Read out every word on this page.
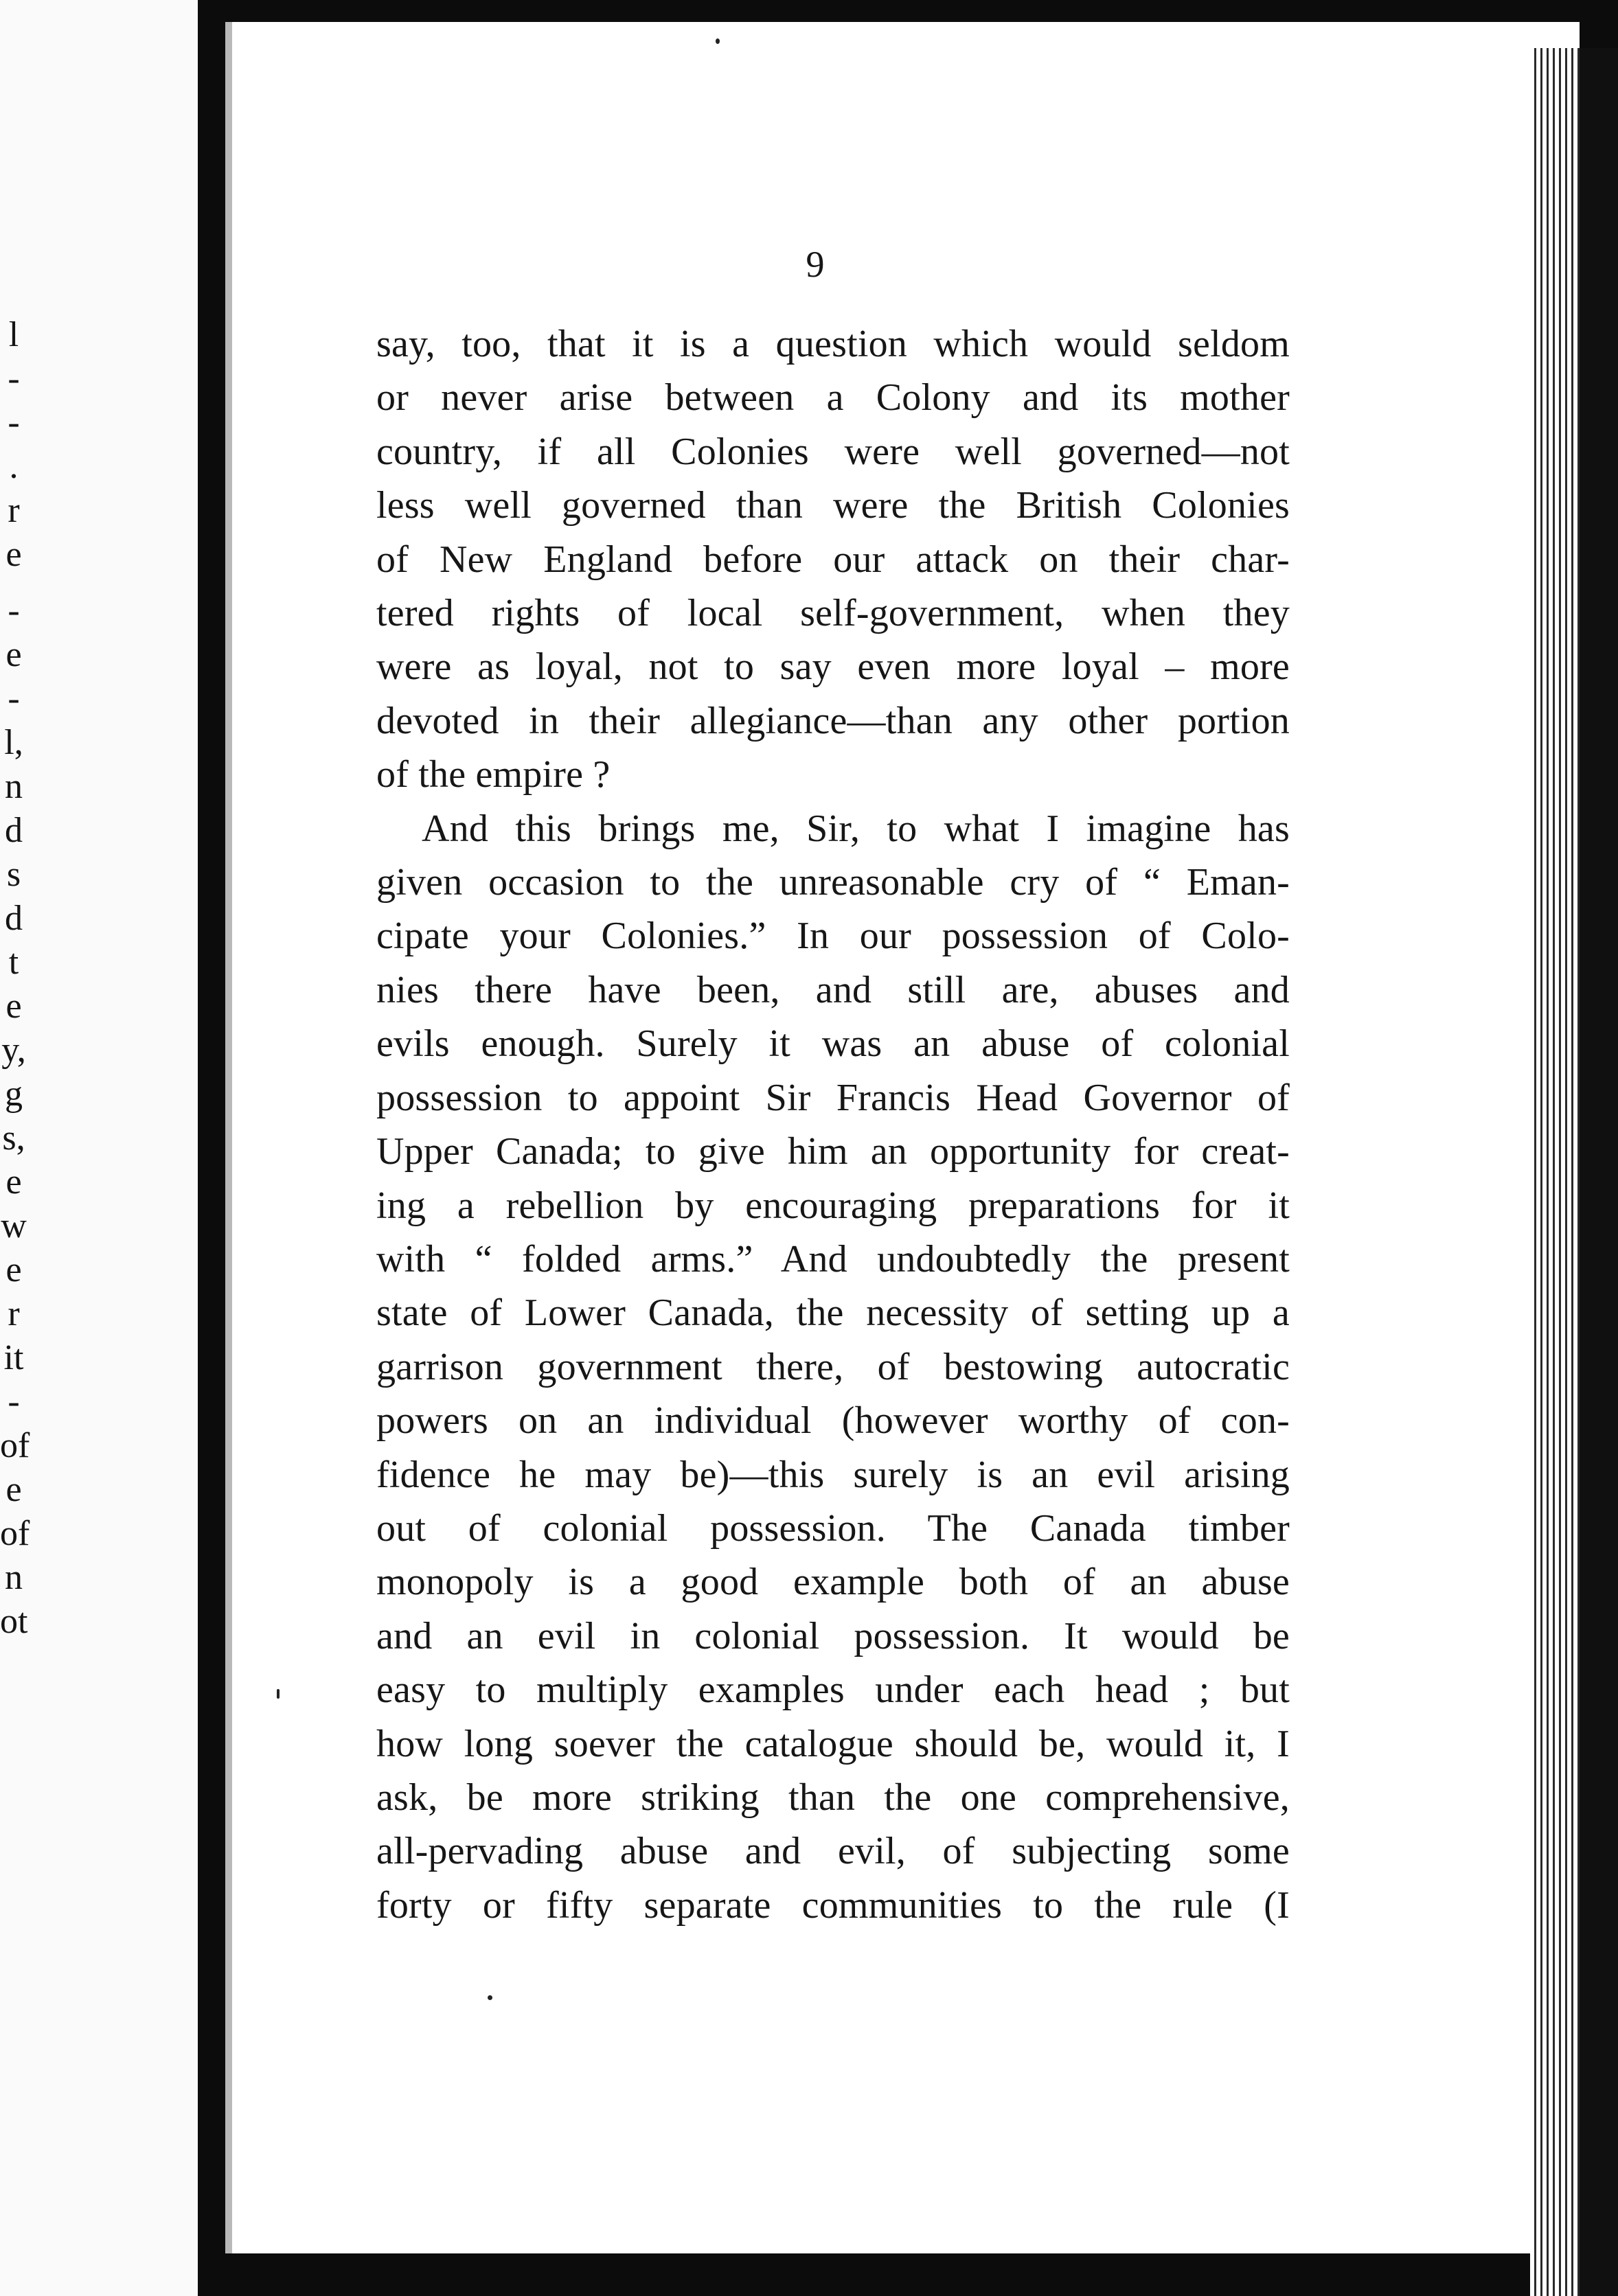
l
-
-
.
r
e
-
e
-
l,
n
d
s
d
t
e
y,
g
s,
e
w
e
r
it
-
of
e
of
n
ot
9

say, too, that it is a question which would seldom

or never arise between a Colony and its mother

country, if all Colonies were well governed—not

less well governed than were the British Colonies

of New England before our attack on their char-

tered rights of local self-government, when they

were as loyal, not to say even more loyal – more

devoted in their allegiance—than any other portion

of the empire ?

And this brings me, Sir, to what I imagine has

given occasion to the unreasonable cry of “ Eman-

cipate your Colonies.” In our possession of Colo-

nies there have been, and still are, abuses and

evils enough. Surely it was an abuse of colonial

possession to appoint Sir Francis Head Governor of

Upper Canada; to give him an opportunity for creat-

ing a rebellion by encouraging preparations for it

with “ folded arms.” And undoubtedly the present

state of Lower Canada, the necessity of setting up a

garrison government there, of bestowing autocratic

powers on an individual (however worthy of con-

fidence he may be)—this surely is an evil arising

out of colonial possession. The Canada timber

monopoly is a good example both of an abuse

and an evil in colonial possession. It would be

easy to multiply examples under each head ; but

how long soever the catalogue should be, would it, I

ask, be more striking than the one comprehensive,

all-pervading abuse and evil, of subjecting some

forty or fifty separate communities to the rule (I
